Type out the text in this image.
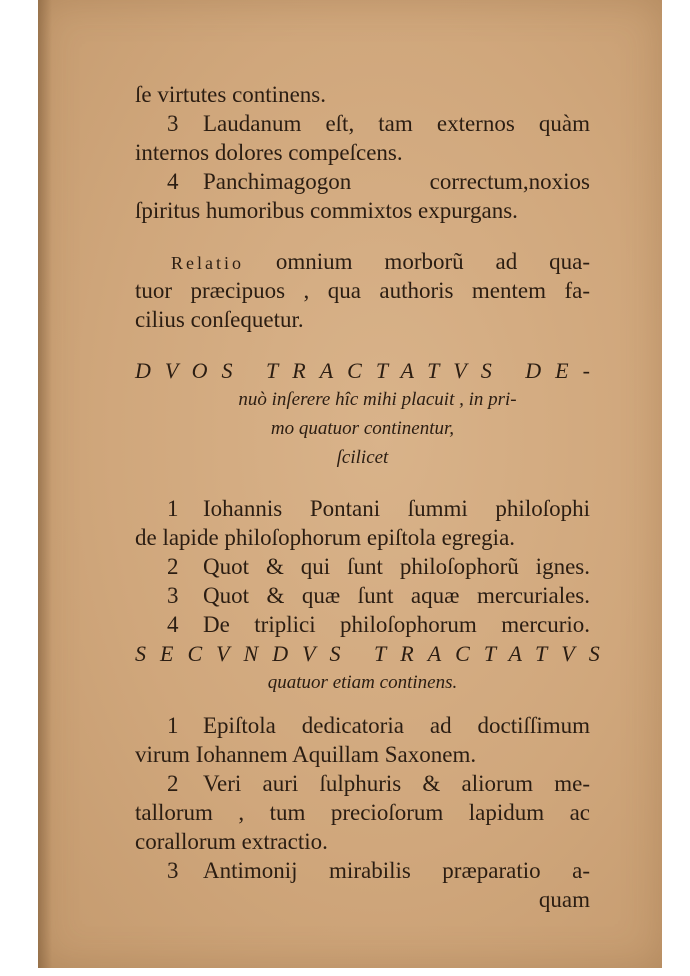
ſe virtutes continens.
3 Laudanum eſt, tam externos quàm
internos dolores compeſcens.
4 Panchimagogon correctum,noxios
ſpiritus humoribus commixtos expurgans.
Relatio omnium morborũ ad qua-
tuor præcipuos , qua authoris mentem fa-
cilius conſequetur.
DVOS TRACTATVS DE-
nuò inſerere hîc mihi placuit , in pri-
mo quatuor continentur,
ſcilicet
1 Iohannis Pontani ſummi philoſophi
de lapide philoſophorum epiſtola egregia.
2 Quot & qui ſunt philoſophorũ ignes.
3 Quot & quæ ſunt aquæ mercuriales.
4 De triplici philoſophorum mercurio.
SECVNDVS TRACTATVS
quatuor etiam continens.
1 Epiſtola dedicatoria ad doctiſſimum
virum Iohannem Aquillam Saxonem.
2 Veri auri ſulphuris & aliorum me-
tallorum , tum precioſorum lapidum ac
corallorum extractio.
3 Antimonij mirabilis præparatio a-
quam
